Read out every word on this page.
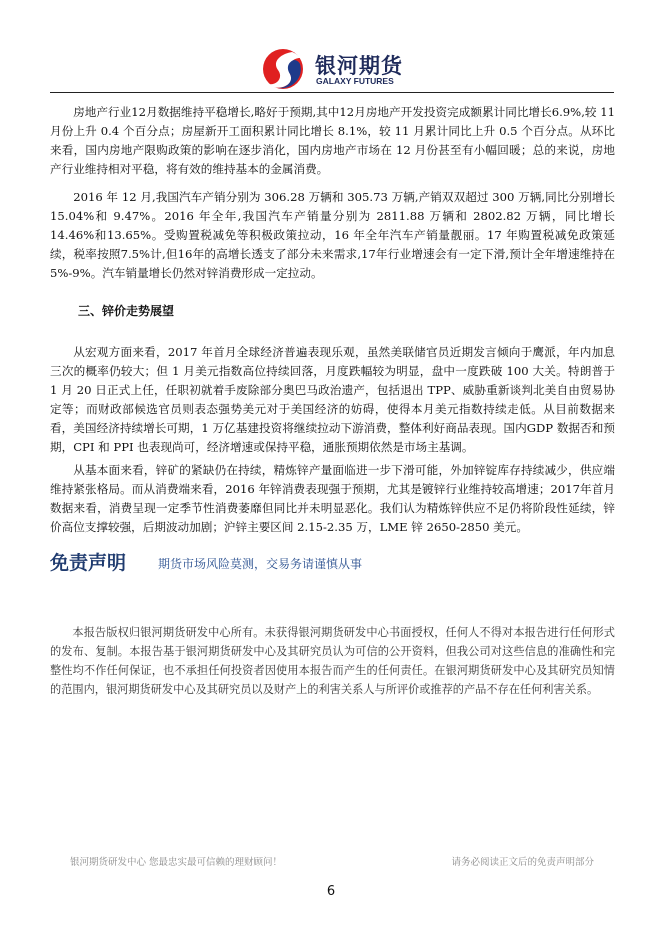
银河期货
GALAXY FUTURES

房地产行业12月数据维持平稳增长,略好于预期,其中12月房地产开发投资完成额累计同比增长6.9%,较 11 月份上升 0.4 个百分点；房屋新开工面积累计同比增长 8.1%，较 11 月累计同比上升 0.5 个百分点。从环比来看，国内房地产限购政策的影响在逐步消化，国内房地产市场在 12 月份甚至有小幅回暖；总的来说，房地产行业维持相对平稳，将有效的维持基本的金属消费。

2016 年 12 月,我国汽车产销分别为 306.28 万辆和 305.73 万辆,产销双双超过 300 万辆,同比分别增长15.04%和 9.47%。2016 年全年,我国汽车产销量分别为 2811.88 万辆和 2802.82 万辆，同比增长 14.46%和13.65%。受购置税减免等积极政策拉动，16 年全年汽车产销量靓丽。17 年购置税减免政策延续，税率按照7.5%计,但16年的高增长透支了部分未来需求,17年行业增速会有一定下滑,预计全年增速维持在5%-9%。汽车销量增长仍然对锌消费形成一定拉动。

三、锌价走势展望

从宏观方面来看，2017 年首月全球经济普遍表现乐观，虽然美联储官员近期发言倾向于鹰派，年内加息三次的概率仍较大；但 1 月美元指数高位持续回落，月度跌幅较为明显，盘中一度跌破 100 大关。特朗普于 1 月 20 日正式上任，任职初就着手废除部分奥巴马政治遗产，包括退出 TPP、威胁重新谈判北美自由贸易协定等；而财政部候选官员则表态强势美元对于美国经济的妨碍，使得本月美元指数持续走低。从目前数据来看，美国经济持续增长可期，1 万亿基建投资将继续拉动下游消费，整体利好商品表现。国内GDP 数据否和预期，CPI 和 PPI 也表现尚可，经济增速或保持平稳，通胀预期依然是市场主基调。

从基本面来看，锌矿的紧缺仍在持续，精炼锌产量面临进一步下滑可能，外加锌锭库存持续减少，供应端维持紧张格局。而从消费端来看，2016 年锌消费表现强于预期，尤其是镀锌行业维持较高增速；2017年首月数据来看，消费呈现一定季节性消费萎靡但同比并未明显恶化。我们认为精炼锌供应不足仍将阶段性延续，锌价高位支撑较强，后期波动加剧；沪锌主要区间 2.15-2.35 万，LME 锌 2650-2850 美元。

免责声明	期货市场风险莫测，交易务请谨慎从事

本报告版权归银河期货研发中心所有。未获得银河期货研发中心书面授权，任何人不得对本报告进行任何形式的发布、复制。本报告基于银河期货研发中心及其研究员认为可信的公开资料，但我公司对这些信息的准确性和完整性均不作任何保证，也不承担任何投资者因使用本报告而产生的任何责任。在银河期货研发中心及其研究员知情的范围内，银河期货研发中心及其研究员以及财产上的利害关系人与所评价或推荐的产品不存在任何利害关系。

银河期货研发中心 您最忠实最可信赖的理财顾问！	请务必阅读正文后的免责声明部分
6
